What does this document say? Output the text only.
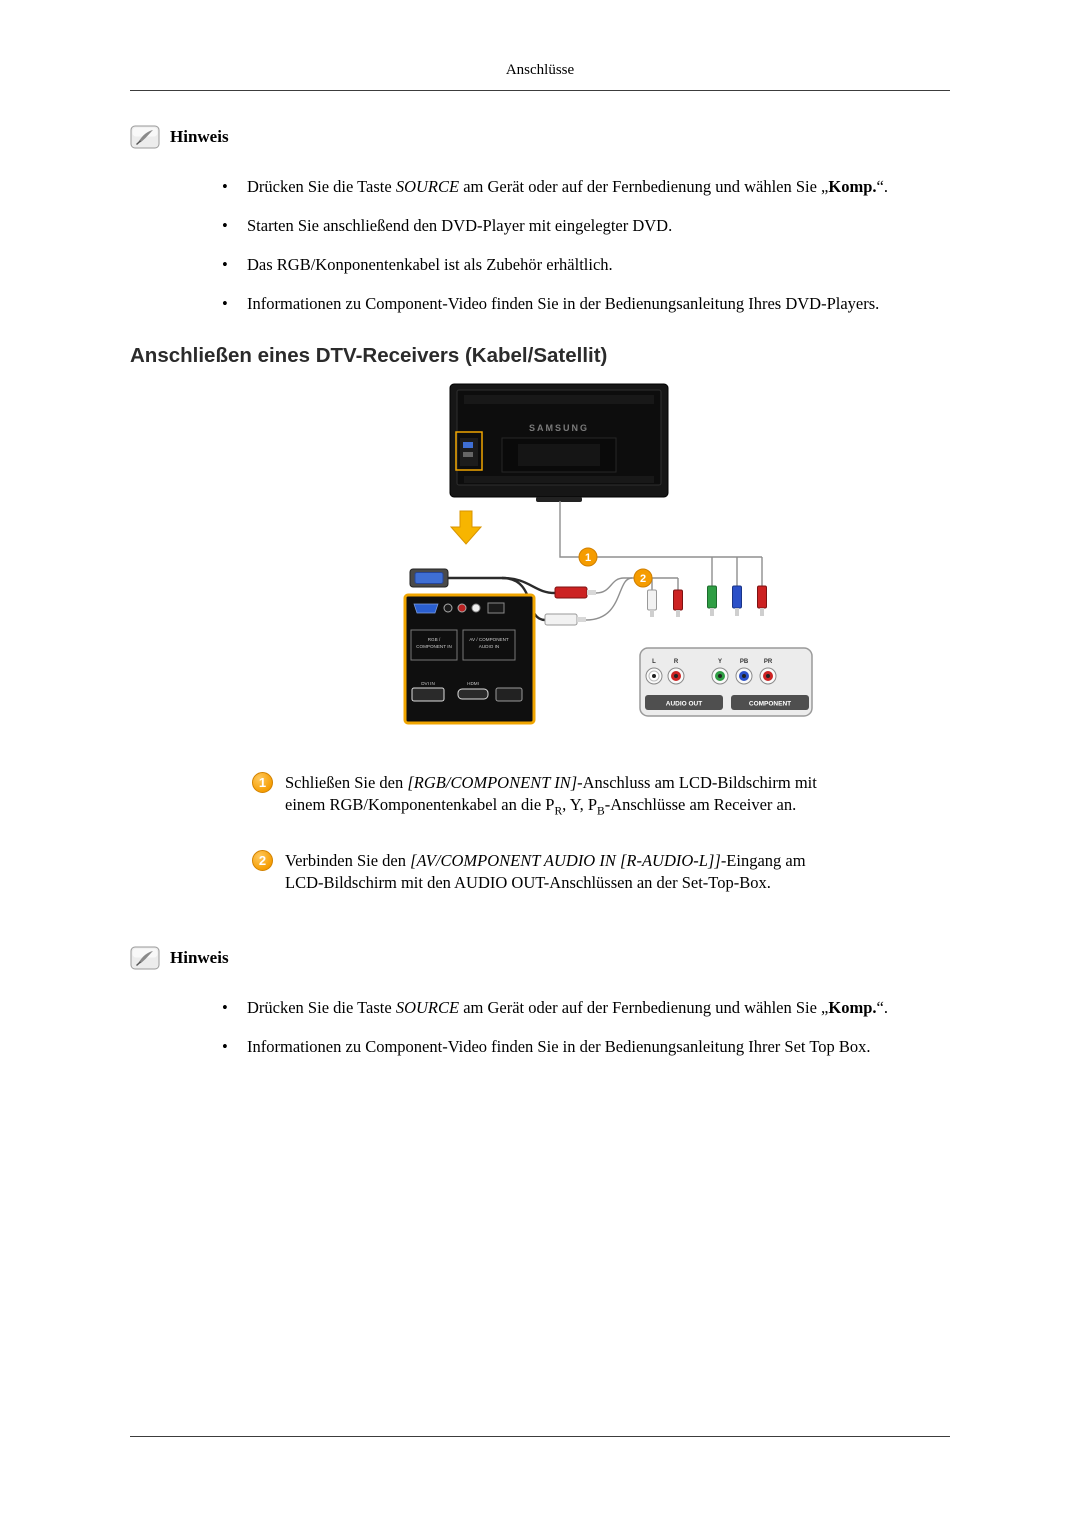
Anschlüsse
Hinweis
•	Drücken Sie die Taste SOURCE am Gerät oder auf der Fernbedienung und wählen Sie „Komp.“.
•	Starten Sie anschließend den DVD-Player mit eingelegter DVD.
•	Das RGB/Konponentenkabel ist als Zubehör erhältlich.
•	Informationen zu Component-Video finden Sie in der Bedienungsanleitung Ihres DVD-Players.
Anschließen eines DTV-Receivers (Kabel/Satellit)
SAMSUNG
RGB /
COMPONENT IN
AV / COMPONENT
AUDIO IN
DVI IN	HDMI
L	R	Y	PB	PR
AUDIO OUT	COMPONENT
1
2
1	Schließen Sie den [RGB/COMPONENT IN]-Anschluss am LCD-Bildschirm mit einem RGB/Komponentenkabel an die $P_R$, Y, $P_B$-Anschlüsse am Receiver an.
2	Verbinden Sie den [AV/COMPONENT AUDIO IN [R-AUDIO-L]]-Eingang am LCD-Bildschirm mit den AUDIO OUT-Anschlüssen an der Set-Top-Box.
Hinweis
•	Drücken Sie die Taste SOURCE am Gerät oder auf der Fernbedienung und wählen Sie „Komp.“.
•	Informationen zu Component-Video finden Sie in der Bedienungsanleitung Ihrer Set Top Box.
